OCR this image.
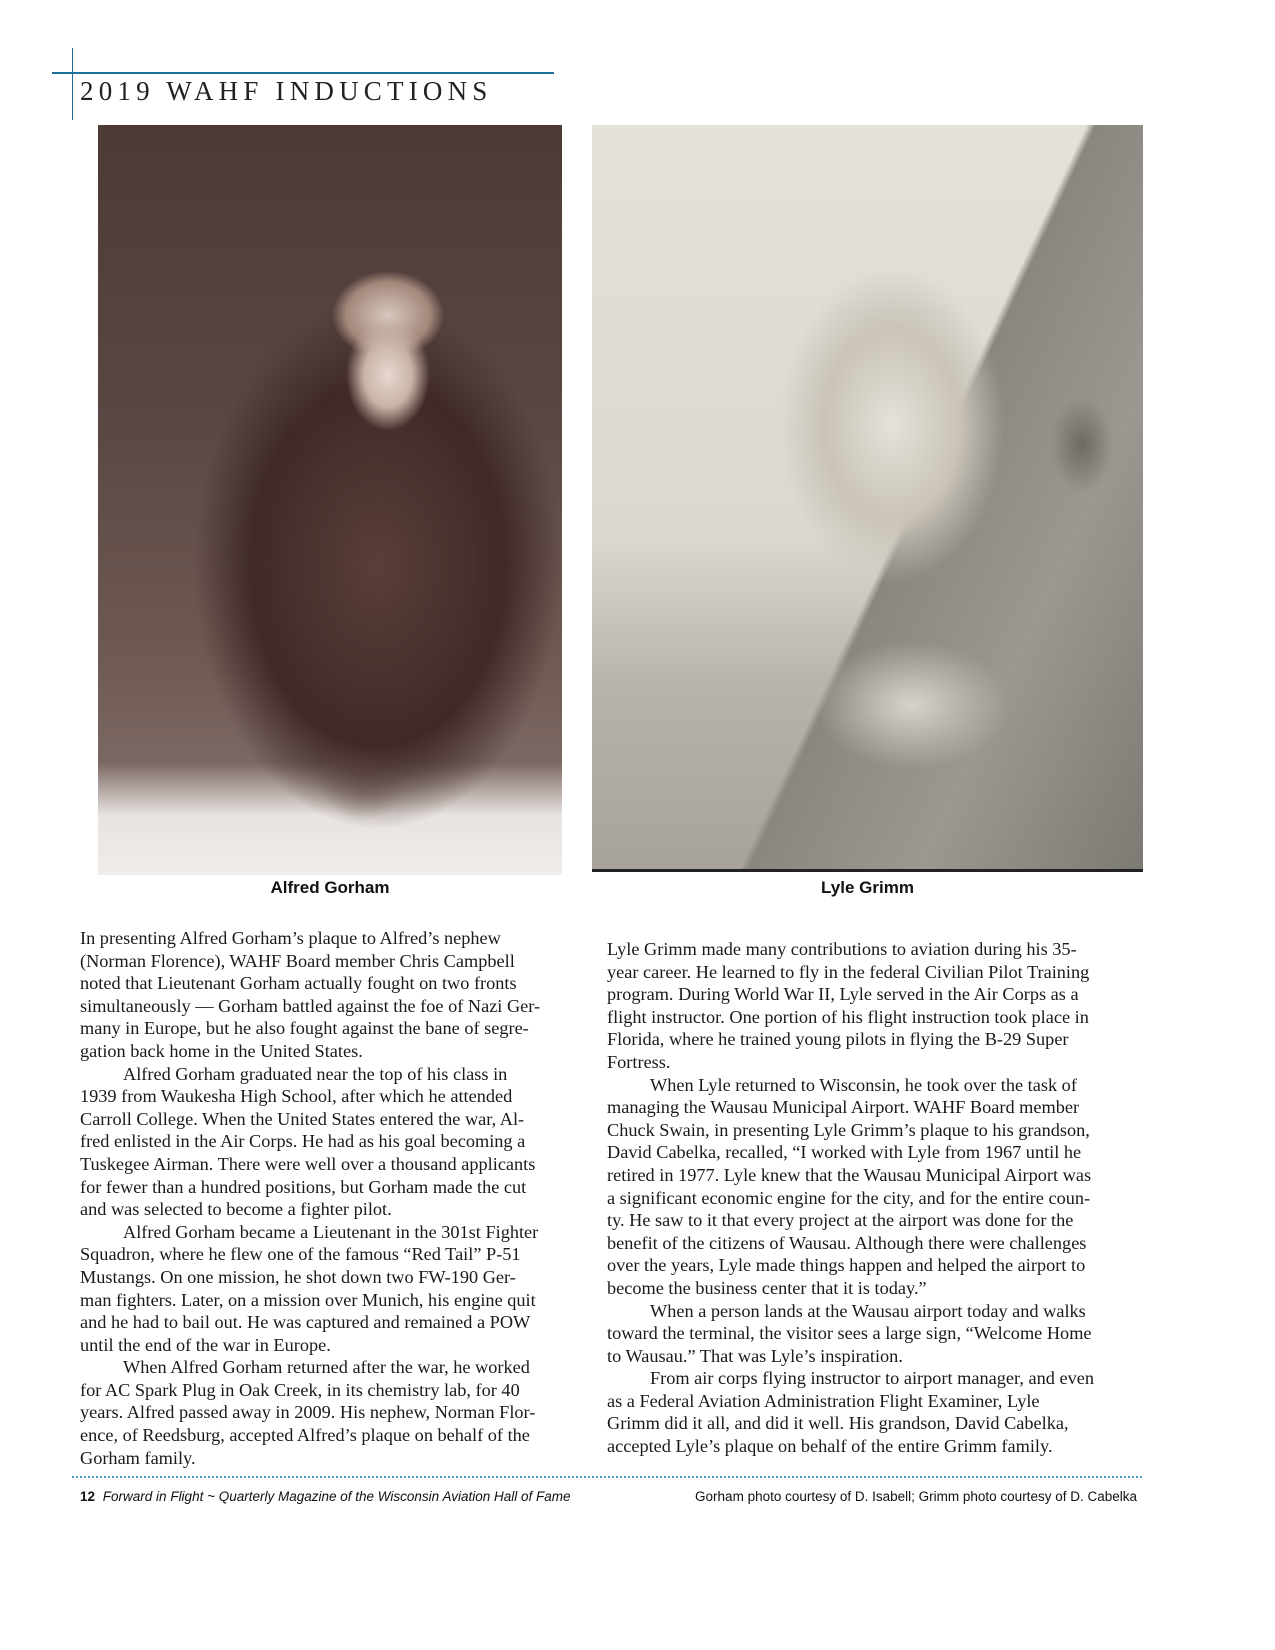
2019 WAHF INDUCTIONS
Alfred Gorham	Lyle Grimm

In presenting Alfred Gorham’s plaque to Alfred’s nephew
(Norman Florence), WAHF Board member Chris Campbell
noted that Lieutenant Gorham actually fought on two fronts
simultaneously — Gorham battled against the foe of Nazi Ger-
many in Europe, but he also fought against the bane of segre-
gation back home in the United States.

Alfred Gorham graduated near the top of his class in
1939 from Waukesha High School, after which he attended
Carroll College. When the United States entered the war, Al-
fred enlisted in the Air Corps. He had as his goal becoming a
Tuskegee Airman. There were well over a thousand applicants
for fewer than a hundred positions, but Gorham made the cut
and was selected to become a fighter pilot.

Alfred Gorham became a Lieutenant in the 301st Fighter
Squadron, where he flew one of the famous “Red Tail” P-51
Mustangs. On one mission, he shot down two FW-190 Ger-
man fighters. Later, on a mission over Munich, his engine quit
and he had to bail out. He was captured and remained a POW
until the end of the war in Europe.

When Alfred Gorham returned after the war, he worked
for AC Spark Plug in Oak Creek, in its chemistry lab, for 40
years. Alfred passed away in 2009. His nephew, Norman Flor-
ence, of Reedsburg, accepted Alfred’s plaque on behalf of the
Gorham family.

Lyle Grimm made many contributions to aviation during his 35-
year career. He learned to fly in the federal Civilian Pilot Training
program. During World War II, Lyle served in the Air Corps as a
flight instructor. One portion of his flight instruction took place in
Florida, where he trained young pilots in flying the B-29 Super
Fortress.

When Lyle returned to Wisconsin, he took over the task of
managing the Wausau Municipal Airport. WAHF Board member
Chuck Swain, in presenting Lyle Grimm’s plaque to his grandson,
David Cabelka, recalled, “I worked with Lyle from 1967 until he
retired in 1977. Lyle knew that the Wausau Municipal Airport was
a significant economic engine for the city, and for the entire coun-
ty. He saw to it that every project at the airport was done for the
benefit of the citizens of Wausau. Although there were challenges
over the years, Lyle made things happen and helped the airport to
become the business center that it is today.”

When a person lands at the Wausau airport today and walks
toward the terminal, the visitor sees a large sign, “Welcome Home
to Wausau.” That was Lyle’s inspiration.

From air corps flying instructor to airport manager, and even
as a Federal Aviation Administration Flight Examiner, Lyle
Grimm did it all, and did it well. His grandson, David Cabelka,
accepted Lyle’s plaque on behalf of the entire Grimm family.

12 Forward in Flight ~ Quarterly Magazine of the Wisconsin Aviation Hall of Fame	Gorham photo courtesy of D. Isabell; Grimm photo courtesy of D. Cabelka
